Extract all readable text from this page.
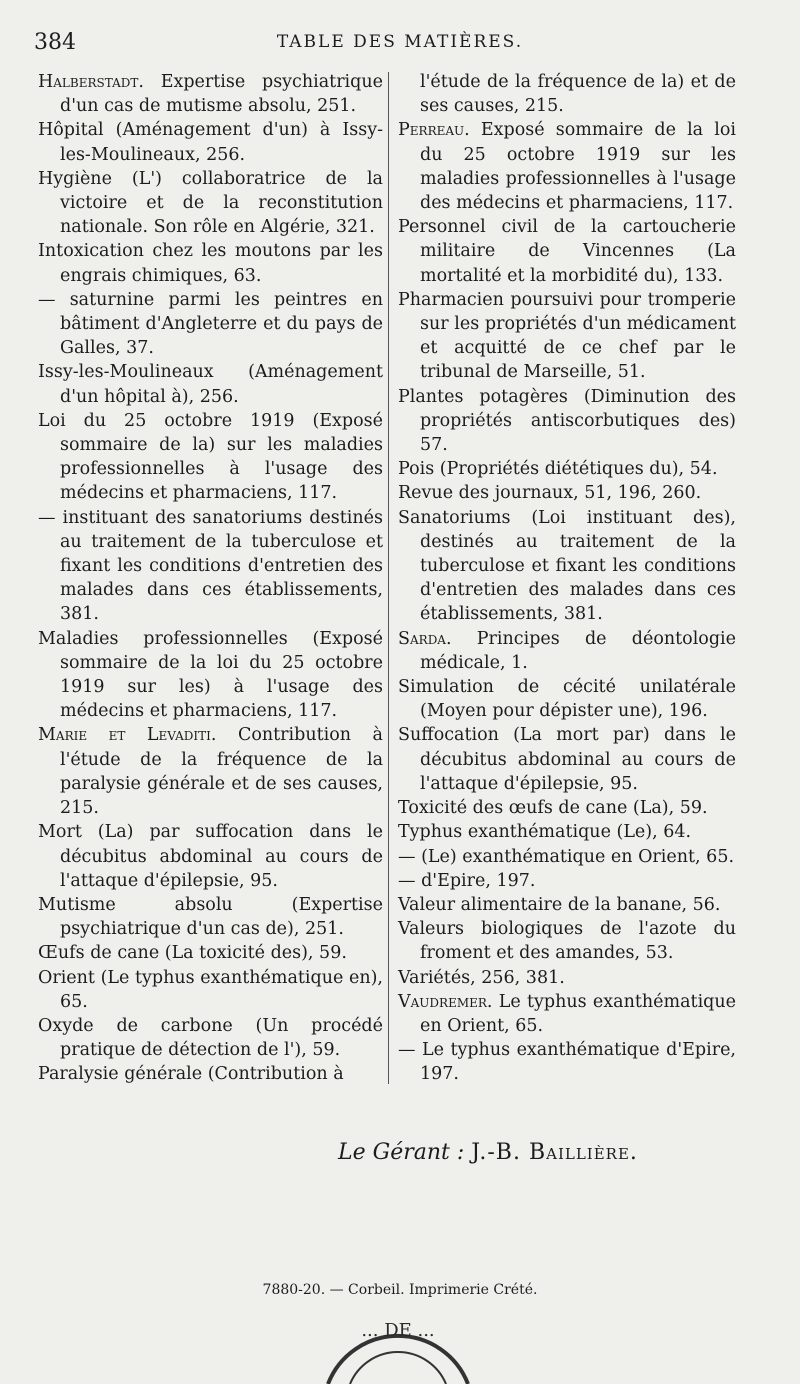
384	TABLE DES MATIÈRES.

Halberstadt. Expertise psychiatrique d'un cas de mutisme absolu, 251.

Hôpital (Aménagement d'un) à Issy-les-Moulineaux, 256.

Hygiène (L') collaboratrice de la victoire et de la reconstitution nationale. Son rôle en Algérie, 321.

Intoxication chez les moutons par les engrais chimiques, 63.

— saturnine parmi les peintres en bâtiment d'Angleterre et du pays de Galles, 37.

Issy-les-Moulineaux (Aménagement d'un hôpital à), 256.

Loi du 25 octobre 1919 (Exposé sommaire de la) sur les maladies professionnelles à l'usage des médecins et pharmaciens, 117.

— instituant des sanatoriums destinés au traitement de la tuberculose et fixant les conditions d'entretien des malades dans ces établissements, 381.

Maladies professionnelles (Exposé sommaire de la loi du 25 octobre 1919 sur les) à l'usage des médecins et pharmaciens, 117.

Marie et Levaditi. Contribution à l'étude de la fréquence de la paralysie générale et de ses causes, 215.

Mort (La) par suffocation dans le décubitus abdominal au cours de l'attaque d'épilepsie, 95.

Mutisme absolu (Expertise psychiatrique d'un cas de), 251.

Œufs de cane (La toxicité des), 59.

Orient (Le typhus exanthématique en), 65.

Oxyde de carbone (Un procédé pratique de détection de l'), 59.

Paralysie générale (Contribution à

l'étude de la fréquence de la) et de ses causes, 215.

Perreau. Exposé sommaire de la loi du 25 octobre 1919 sur les maladies professionnelles à l'usage des médecins et pharmaciens, 117.

Personnel civil de la cartoucherie militaire de Vincennes (La mortalité et la morbidité du), 133.

Pharmacien poursuivi pour tromperie sur les propriétés d'un médicament et acquitté de ce chef par le tribunal de Marseille, 51.

Plantes potagères (Diminution des propriétés antiscorbutiques des) 57.

Pois (Propriétés diététiques du), 54.

Revue des journaux, 51, 196, 260.

Sanatoriums (Loi instituant des), destinés au traitement de la tuberculose et fixant les conditions d'entretien des malades dans ces établissements, 381.

Sarda. Principes de déontologie médicale, 1.

Simulation de cécité unilatérale (Moyen pour dépister une), 196.

Suffocation (La mort par) dans le décubitus abdominal au cours de l'attaque d'épilepsie, 95.

Toxicité des œufs de cane (La), 59.

Typhus exanthématique (Le), 64.

— (Le) exanthématique en Orient, 65.

— d'Epire, 197.

Valeur alimentaire de la banane, 56.

Valeurs biologiques de l'azote du froment et des amandes, 53.

Variétés, 256, 381.

Vaudremer. Le typhus exanthématique en Orient, 65.

— Le typhus exanthématique d'Epire, 197.

Le Gérant : J.-B. Baillière.
7880-20. — Corbeil. Imprimerie Crété.
... DE ...
